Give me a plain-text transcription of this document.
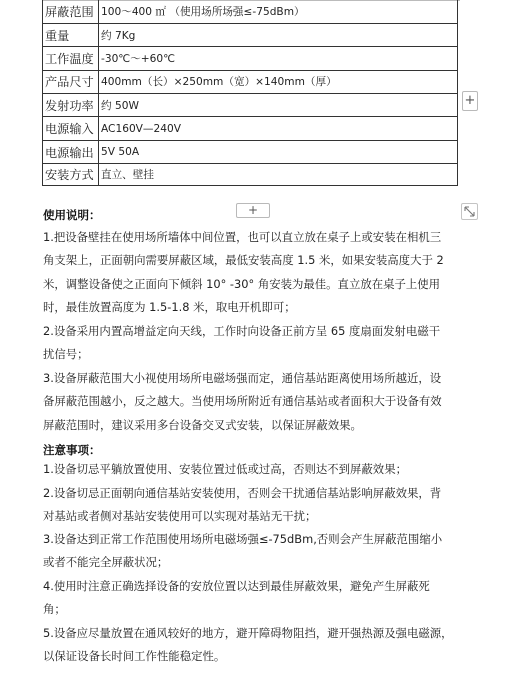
屏蔽范围	100～400 ㎡ （使用场所场强≤-75dBm）
重量	约 7Kg
工作温度	-30℃～+60℃
产品尺寸	400mm（长）×250mm（宽）×140mm（厚）
发射功率	约 50W
电源输入	AC160V—240V
电源输出	5V 50A
安装方式	直立、壁挂
+
+
使用说明：
1.把设备壁挂在使用场所墙体中间位置，也可以直立放在桌子上或安装在相机三
角支架上，正面朝向需要屏蔽区域，最低安装高度 1.5 米，如果安装高度大于 2
米，调整设备使之正面向下倾斜 10° -30° 角安装为最佳。直立放在桌子上使用
时，最佳放置高度为 1.5-1.8 米，取电开机即可；
2.设备采用内置高增益定向天线，工作时向设备正前方呈 65 度扇面发射电磁干
扰信号；
3.设备屏蔽范围大小视使用场所电磁场强而定，通信基站距离使用场所越近，设
备屏蔽范围越小，反之越大。当使用场所附近有通信基站或者面积大于设备有效
屏蔽范围时，建议采用多台设备交叉式安装，以保证屏蔽效果。
注意事项：
1.设备切忌平躺放置使用、安装位置过低或过高，否则达不到屏蔽效果；
2.设备切忌正面朝向通信基站安装使用，否则会干扰通信基站影响屏蔽效果，背
对基站或者侧对基站安装使用可以实现对基站无干扰；
3.设备达到正常工作范围使用场所电磁场强≤-75dBm,否则会产生屏蔽范围缩小
或者不能完全屏蔽状况；
4.使用时注意正确选择设备的安放位置以达到最佳屏蔽效果，避免产生屏蔽死
角；
5.设备应尽量放置在通风较好的地方，避开障碍物阻挡，避开强热源及强电磁源，
以保证设备长时间工作性能稳定性。
